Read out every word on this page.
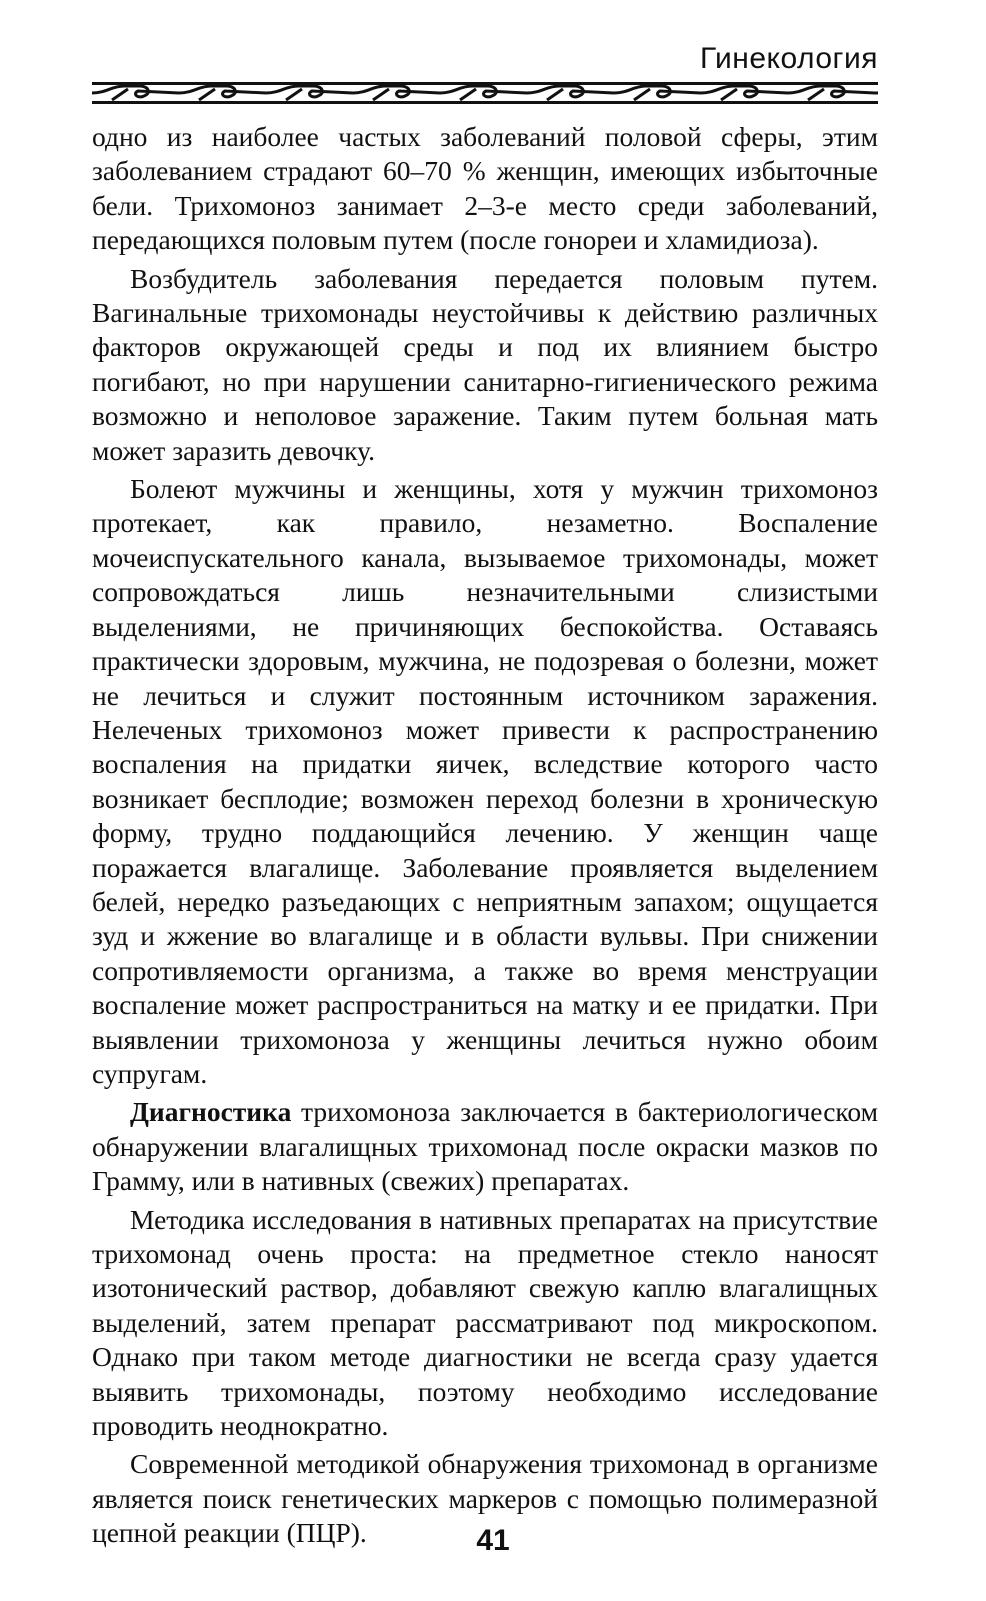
Гинекология

одно из наиболее частых заболеваний половой сферы, этим заболеванием страдают 60–70 % женщин, имеющих избыточные бели. Трихомоноз занимает 2–3-е место среди заболеваний, передающихся половым путем (после гонореи и хламидиоза).

Возбудитель заболевания передается половым путем. Вагинальные трихомонады неустойчивы к действию различных факторов окружающей среды и под их влиянием быстро погибают, но при нарушении санитарно-гигиенического режима возможно и неполовое заражение. Таким путем больная мать может заразить девочку.

Болеют мужчины и женщины, хотя у мужчин трихомоноз протекает, как правило, незаметно. Воспаление мочеиспускательного канала, вызываемое трихомонады, может сопровождаться лишь незначительными слизистыми выделениями, не причиняющих беспокойства. Оставаясь практически здоровым, мужчина, не подозревая о болезни, может не лечиться и служит постоянным источником заражения. Нелеченых трихомоноз может привести к распространению воспаления на придатки яичек, вследствие которого часто возникает бесплодие; возможен переход болезни в хроническую форму, трудно поддающийся лечению. У женщин чаще поражается влагалище. Заболевание проявляется выделением белей, нередко разъедающих с неприятным запахом; ощущается зуд и жжение во влагалище и в области вульвы. При снижении сопротивляемости организма, а также во время менструации воспаление может распространиться на матку и ее придатки. При выявлении трихомоноза у женщины лечиться нужно обоим супругам.

Диагностика трихомоноза заключается в бактериологическом обнаружении влагалищных трихомонад после окраски мазков по Грамму, или в нативных (свежих) препаратах.

Методика исследования в нативных препаратах на присутствие трихомонад очень проста: на предметное стекло наносят изотонический раствор, добавляют свежую каплю влагалищных выделений, затем препарат рассматривают под микроскопом. Однако при таком методе диагностики не всегда сразу удается выявить трихомонады, поэтому необходимо исследование проводить неоднократно.

Современной методикой обнаружения трихомонад в организме является поиск генетических маркеров с помощью полимеразной цепной реакции (ПЦР).	41
